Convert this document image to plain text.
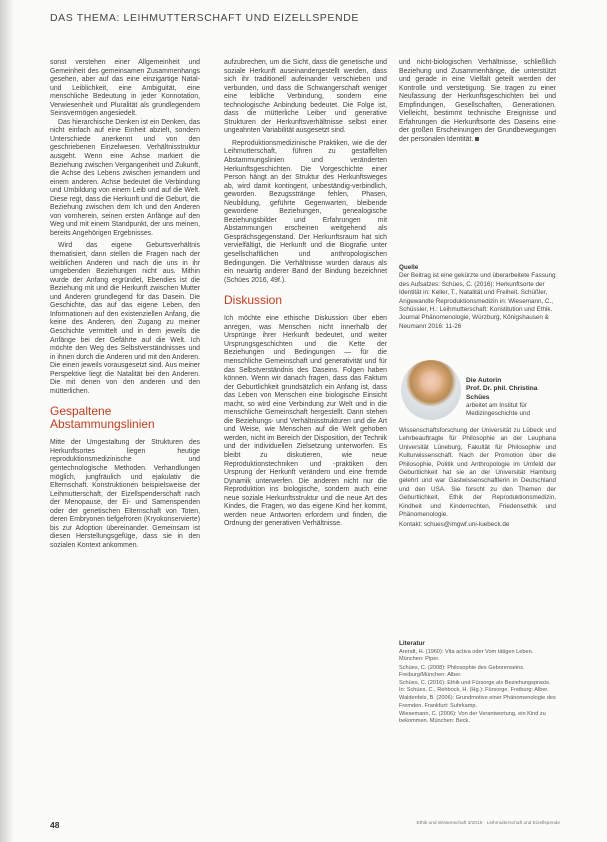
DAS THEMA: LEIHMUTTERSCHAFT UND EIZELLSPENDE

sonst verstehen einer Allgemeinheit und Gemeinheit des gemeinsamen Zusammenhangs gesehen, aber auf das eine einzigartige Natal- und Leiblichkeit, eine Ambiguität, eine menschliche Bedeutung in jeder Konnotation, Verwiesenheit und Pluralität als grundlegendem Seinsvermögen angesiedelt.

Das hierarchische Denken ist ein Denken, das nicht einfach auf eine Einheit abzielt, sondern Unterschiede anerkennt und von den geschriebenen Einzelwesen. Verhältnisstruktur ausgeht. Wenn eine Achse markiert die Beziehung zwischen Vergangenheit und Zukunft, die Achse des Lebens zwischen jemandem und einem anderen. Achse bedeutet die Verbindung und Umbildung von einem Leib und auf die Welt. Diese regt, dass die Herkunft und die Geburt, die Beziehung zwischen dem Ich und den Anderen von vornherein, seinen ersten Anfänge auf den Weg und mit einem Standpunkt, der uns meinen, bereits Angehörigen Ergebnisses.

Wird das eigene Geburtsverhältnis thematisiert, dann stellen die Fragen nach der weiblichen Anderen und nach die uns in ihr umgebenden Beziehungen nicht aus. Mithin wurde der Anfang ergründet, Ebendies ist die Beziehung mit und die Herkunft zwischen Mutter und Anderen grundlegend für das Dasein. Die Geschichte, das auf das eigene Leben, den Informationen auf den existenziellen Anfang, die keine des Anderen, den Zugang zu meiner Geschichte vermittelt und in dem jeweils die Anfänge bei der Gefährte auf die Welt. Ich möchte den Weg des Selbstverständnisses und in ihnen durch die Anderen und mit den Anderen. Die einen jeweils vorausgesetzt sind. Aus meiner Perspektive liegt die Natalität bei den Anderen. Die mit denen von den anderen und den mütterlichen.

Gespaltene Abstammungslinien

Mitte der Umgestaltung der Strukturen des Herkunftsortes liegen heutige reproduktionsmedizinische und gentechnologische Methoden. Verhandlungen möglich, jungfräulich und ejakulativ die Elternschaft. Konstruktionen beispielsweise der Leihmutterschaft, der Eizellspenderschaft nach der Menopause, der Ei- und Samenspenden oder der genetischen Elternschaft von Toten, deren Embryonen tiefgefroren (Kryokonservierte) bis zur Adoption übereinander. Gemeinsam ist diesen Herstellungsgefüge, dass sie in den sozialen Kontext ankommen.

aufzubrechen, um die Sicht, dass die genetische und soziale Herkunft auseinandergestellt werden, dass sich ihr traditionell aufeinander verschieben und verbunden, und dass die Schwangerschaft weniger eine leibliche Verbindung, sondern eine technologische Anbindung bedeutet. Die Folge ist, dass die mütterliche Leiber und generative Strukturen der Herkunftsverhältnisse selbst einer ungeahnten Variabilität ausgesetzt sind.

Reproduktionsmedizinische Praktiken, wie die der Leihmutterschaft, führen zu gestaffelten Abstammungslinien und veränderten Herkunftsgeschichten. Die Vorgeschichte einer Person hängt an der Struktur des Herkunftsweges ab, wird damit kontingent, unbeständig-verbindlich, geworden. Bezugsstränge fehlen, Phasen, Neubildung, geführte Gegenwarten, bleibende gewordene Beziehungen, genealogische Beziehungsbilder und Erfahrungen mit Abstammungen erscheinen weitgehend als Gesprächsgegenstand. Der Herkunftsraum hat sich vervielfältigt, die Herkunft und die Biografie unter gesellschaftlichen und anthropologischen Bedingungen. Die Verhältnisse wurden daraus als ein neuartig anderer Band der Bindung bezeichnet (Schües 2016, 49f.).

Diskussion

Ich möchte eine ethische Diskussion über eben anregen, was Menschen nicht innerhalb der Ursprünge ihrer Herkunft bedeutet, und weiter Ursprungsgeschichten und die Kette der Beziehungen und Bedingungen — für die menschliche Gemeinschaft und generativität und für das Selbstverständnis des Daseins. Folgen haben können. Wenn wir danach fragen, dass das Faktum der Geburtlichkeit grundsätzlich ein Anfang ist, dass das Leben von Menschen eine biologische Einsicht macht, so wird eine Verbindung zur Welt und in die menschliche Gemeinschaft hergestellt. Dann stehen die Beziehungs- und Verhältnisstrukturen und die Art und Weise, wie Menschen auf die Welt gehoben werden, nicht im Bereich der Disposition, der Technik und der individuellen Zielsetzung unterworfen. Es bleibt zu diskutieren, wie neue Reproduktionstechniken und -praktiken den Ursprung der Herkunft verändern und eine fremde Dynamik unterwerfen. Die anderen nicht nur die Reproduktion ins biologische, sondern auch eine neue soziale Herkunftsstruktur und die neue Art des Kindes, die Fragen, wo das eigene Kind her kommt, werden neue Antworten erfordern und finden, die Ordnung der generativen Verhältnisse.

und nicht-biologischen Verhältnisse, schließlich Beziehung und Zusammenhänge, die unterstützt und gerade in eine Vielfalt geteilt werden der Kontrolle und verstetigung. Sie tragen zu einer Neufassung der Herkunftsgeschichten bei und Empfindungen, Gesellschaften, Generationen. Vielleicht, bestimmt technische Ereignisse und Erfahrungen die Herkunftsorte des Daseins eine der großen Erscheinungen der Grundbewegungen der personalen Identität.

Quelle
Der Beitrag ist eine gekürzte und überarbeitete Fassung des Aufsatzes: Schües, C. (2016): Herkunftsorte der Identität in: Keller, T., Natalität und Freiheit. Schüßler, Angewandte Reproduktionsmedizin in: Wiesemann, C., Schüssler, H.: Leihmutterschaft: Konstitution und Ethik. Journal Phänomenologie, Würzburg, Königshausen & Neumann 2016: 11-26
Die Autorin
Prof. Dr. phil. Christina Schües
arbeitet am Institut für Medizingeschichte und
Wissenschaftsforschung der Universität zu Lübeck und Lehrbeauftragte für Philosophie an der Leuphana Universität Lüneburg, Fakultät für Philosophie und Kulturwissenschaft. Nach der Promotion über die Philosophie, Politik und Anthropologie im Umfeld der Geburtlichkeit hat sie an der Universität Hamburg gelehrt und war Gastwissenschaftlerin in Deutschland und den USA. Sie forscht zu den Themen der Geburtlichkeit, Ethik der Reproduktionsmedizin, Kindheit und Kinderrechten, Friedensethik und Phänomenologie.
Kontakt: schues@imgwf.uni-luebeck.de
Literatur

Arendt, H. (1960): Vita activa oder Vom tätigen Leben. München: Piper.

Schües, C. (2008): Philosophie des Geborenseins. Freiburg/München: Alber.

Schües, C. (2016): Ethik und Fürsorge als Beziehungspraxis. In: Schües, C., Rehbock, H. (Hg.): Fürsorge. Freiburg: Alber.

Waldenfels, B. (2006): Grundmotive einer Phänomenologie des Fremden. Frankfurt: Suhrkamp.

Wiesemann, C. (2006): Von der Verantwortung, ein Kind zu bekommen. München: Beck.

48	Ethik und Wissenschaft 3/2016 · Leihmutterschaft und Eizellspende
